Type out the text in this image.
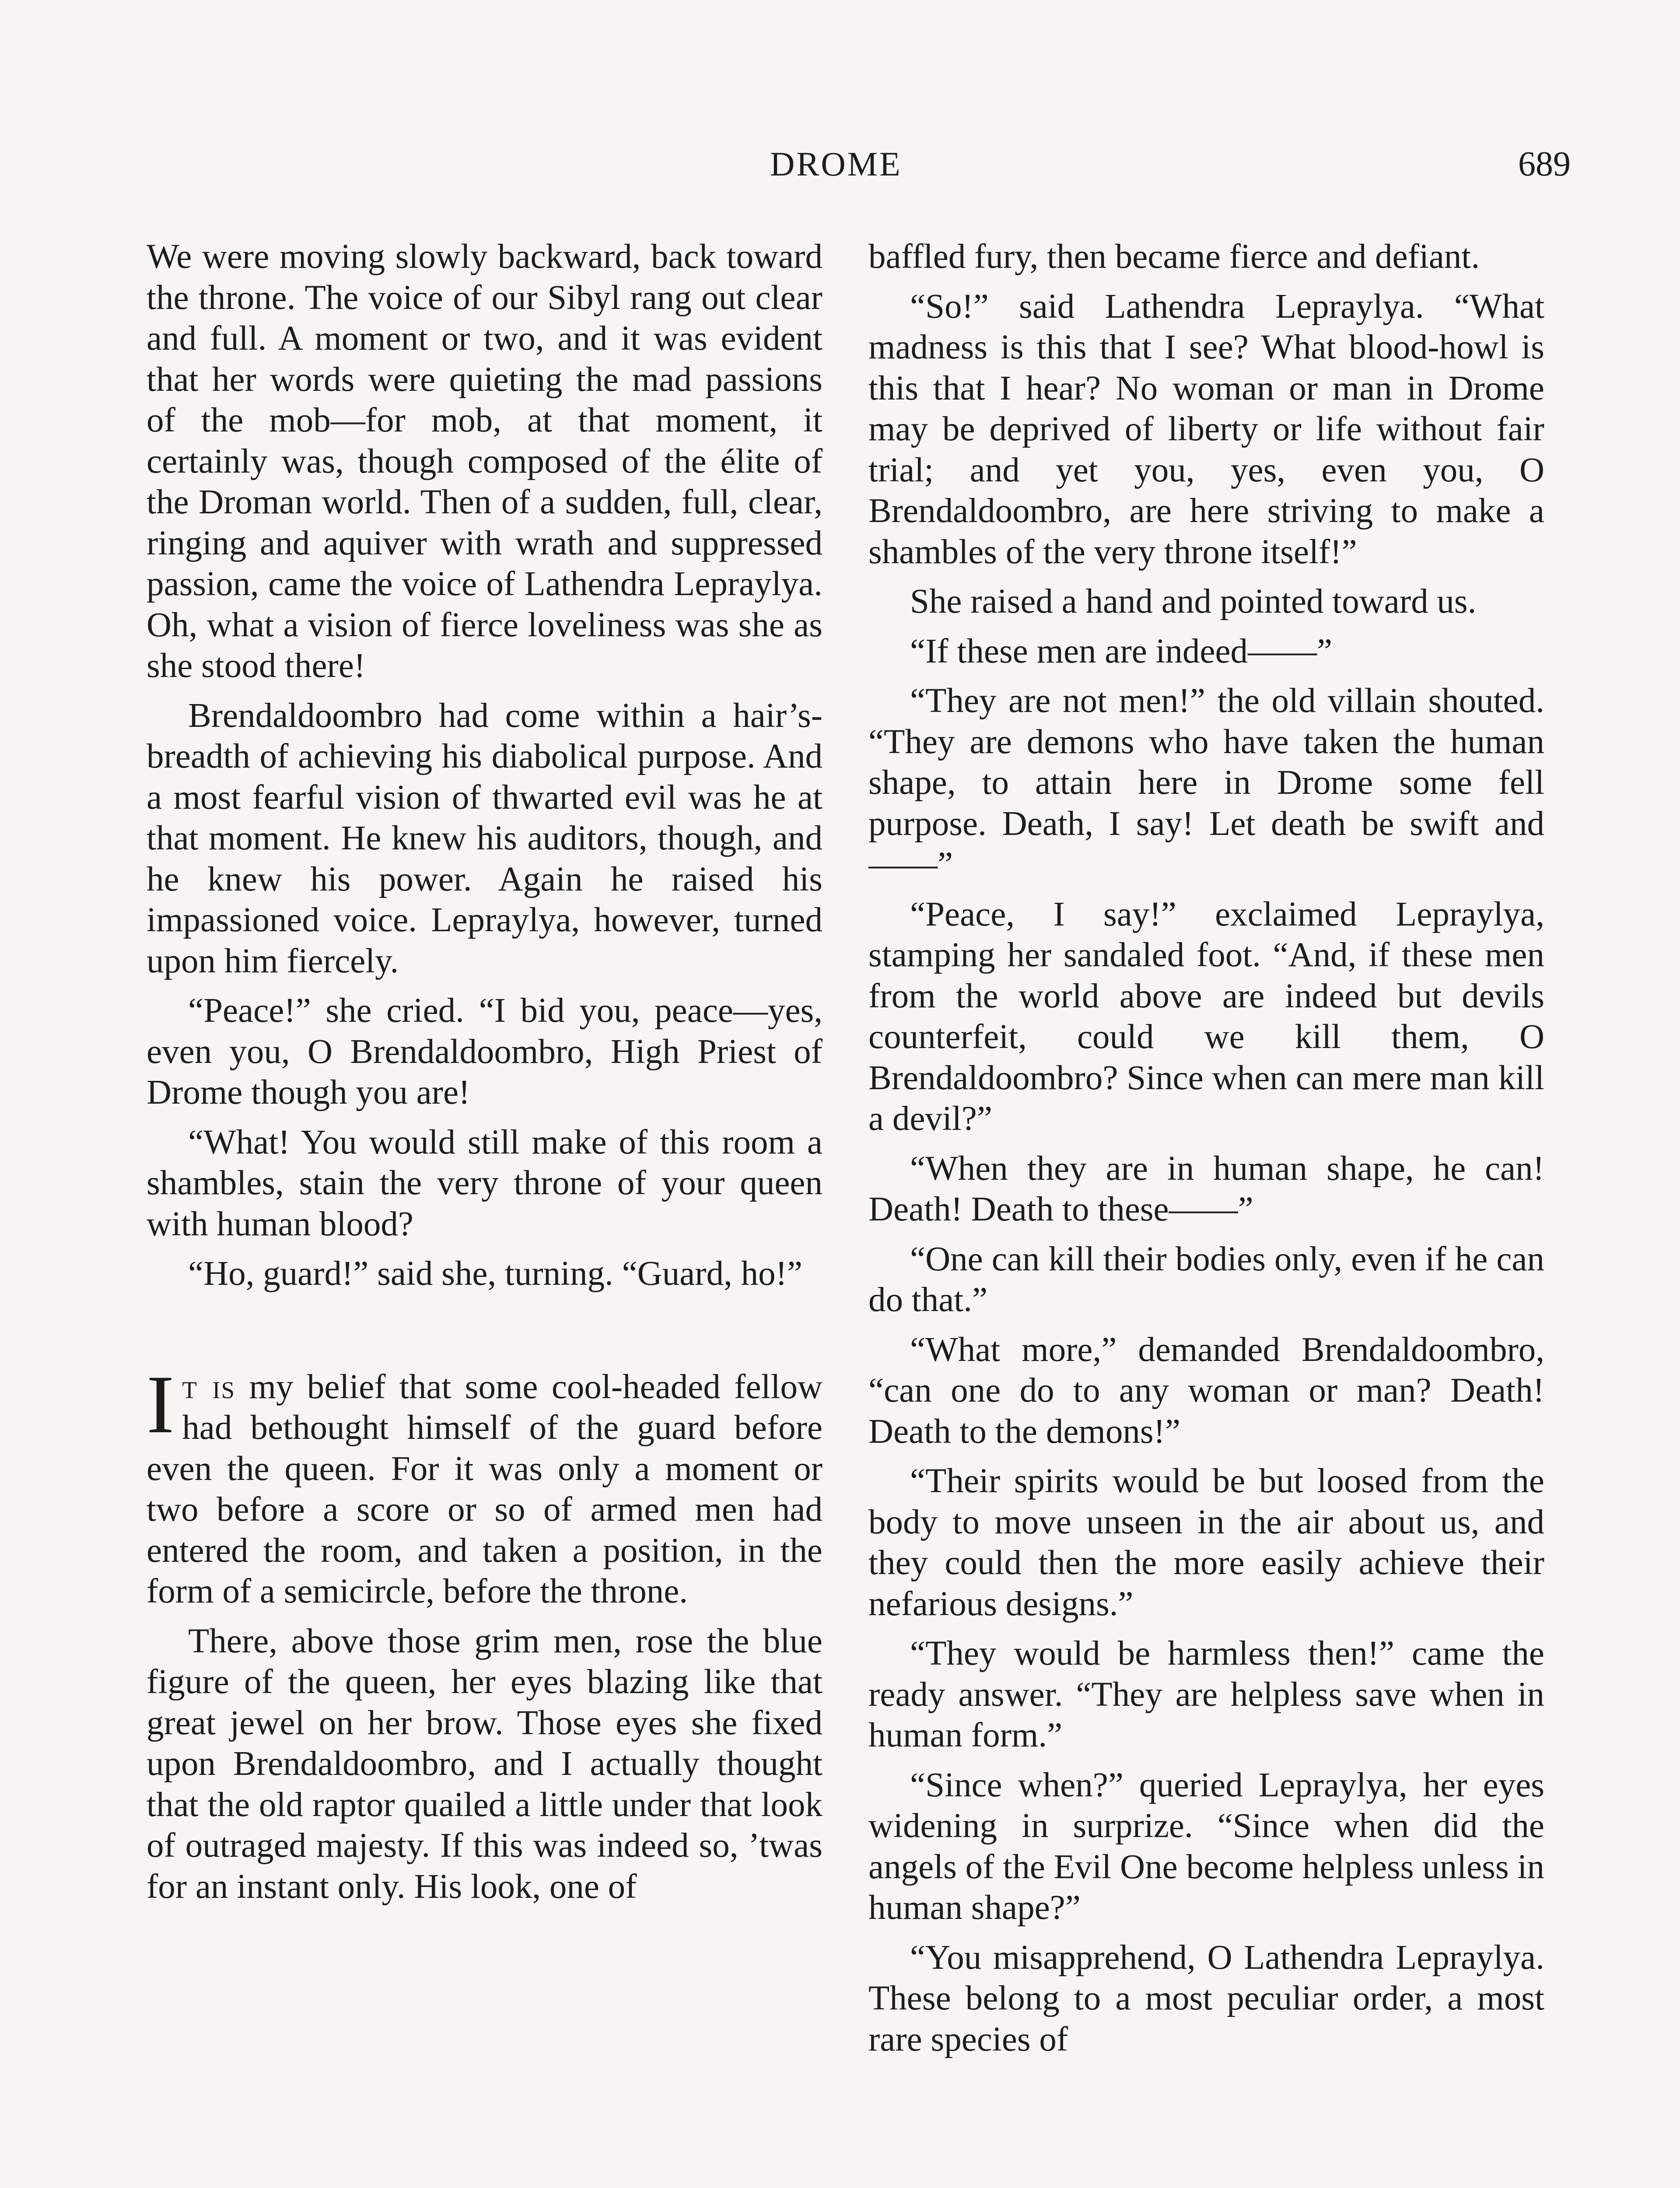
DROME	689

We were moving slowly backward, back toward the throne. The voice of our Sibyl rang out clear and full. A moment or two, and it was evident that her words were quieting the mad passions of the mob—for mob, at that moment, it certainly was, though composed of the élite of the Droman world. Then of a sudden, full, clear, ringing and aquiver with wrath and suppressed passion, came the voice of Lathendra Lepraylya. Oh, what a vision of fierce loveliness was she as she stood there!

Brendaldoombro had come within a hair’s-breadth of achieving his diabolical purpose. And a most fearful vision of thwarted evil was he at that moment. He knew his auditors, though, and he knew his power. Again he raised his impassioned voice. Lepraylya, however, turned upon him fiercely.

“Peace!” she cried. “I bid you, peace—yes, even you, O Brendaldoombro, High Priest of Drome though you are!

“What! You would still make of this room a shambles, stain the very throne of your queen with human blood?

“Ho, guard!” said she, turning. “Guard, ho!”

It is my belief that some cool-headed fellow had bethought himself of the guard before even the queen. For it was only a moment or two before a score or so of armed men had entered the room, and taken a position, in the form of a semicircle, before the throne.

There, above those grim men, rose the blue figure of the queen, her eyes blazing like that great jewel on her brow. Those eyes she fixed upon Brendaldoombro, and I actually thought that the old raptor quailed a little under that look of outraged majesty. If this was indeed so, ’twas for an instant only. His look, one of

baffled fury, then became fierce and defiant.

“So!” said Lathendra Lepraylya. “What madness is this that I see? What blood-howl is this that I hear? No woman or man in Drome may be deprived of liberty or life without fair trial; and yet you, yes, even you, O Brendaldoombro, are here striving to make a shambles of the very throne itself!”

She raised a hand and pointed toward us.

“If these men are indeed——”

“They are not men!” the old villain shouted. “They are demons who have taken the human shape, to attain here in Drome some fell purpose. Death, I say! Let death be swift and——”

“Peace, I say!” exclaimed Lepraylya, stamping her sandaled foot. “And, if these men from the world above are indeed but devils counterfeit, could we kill them, O Brendaldoombro? Since when can mere man kill a devil?”

“When they are in human shape, he can! Death! Death to these——”

“One can kill their bodies only, even if he can do that.”

“What more,” demanded Brendaldoombro, “can one do to any woman or man? Death! Death to the demons!”

“Their spirits would be but loosed from the body to move unseen in the air about us, and they could then the more easily achieve their nefarious designs.”

“They would be harmless then!” came the ready answer. “They are helpless save when in human form.”

“Since when?” queried Lepraylya, her eyes widening in surprize. “Since when did the angels of the Evil One become helpless unless in human shape?”

“You misapprehend, O Lathendra Lepraylya. These belong to a most peculiar order, a most rare species of
